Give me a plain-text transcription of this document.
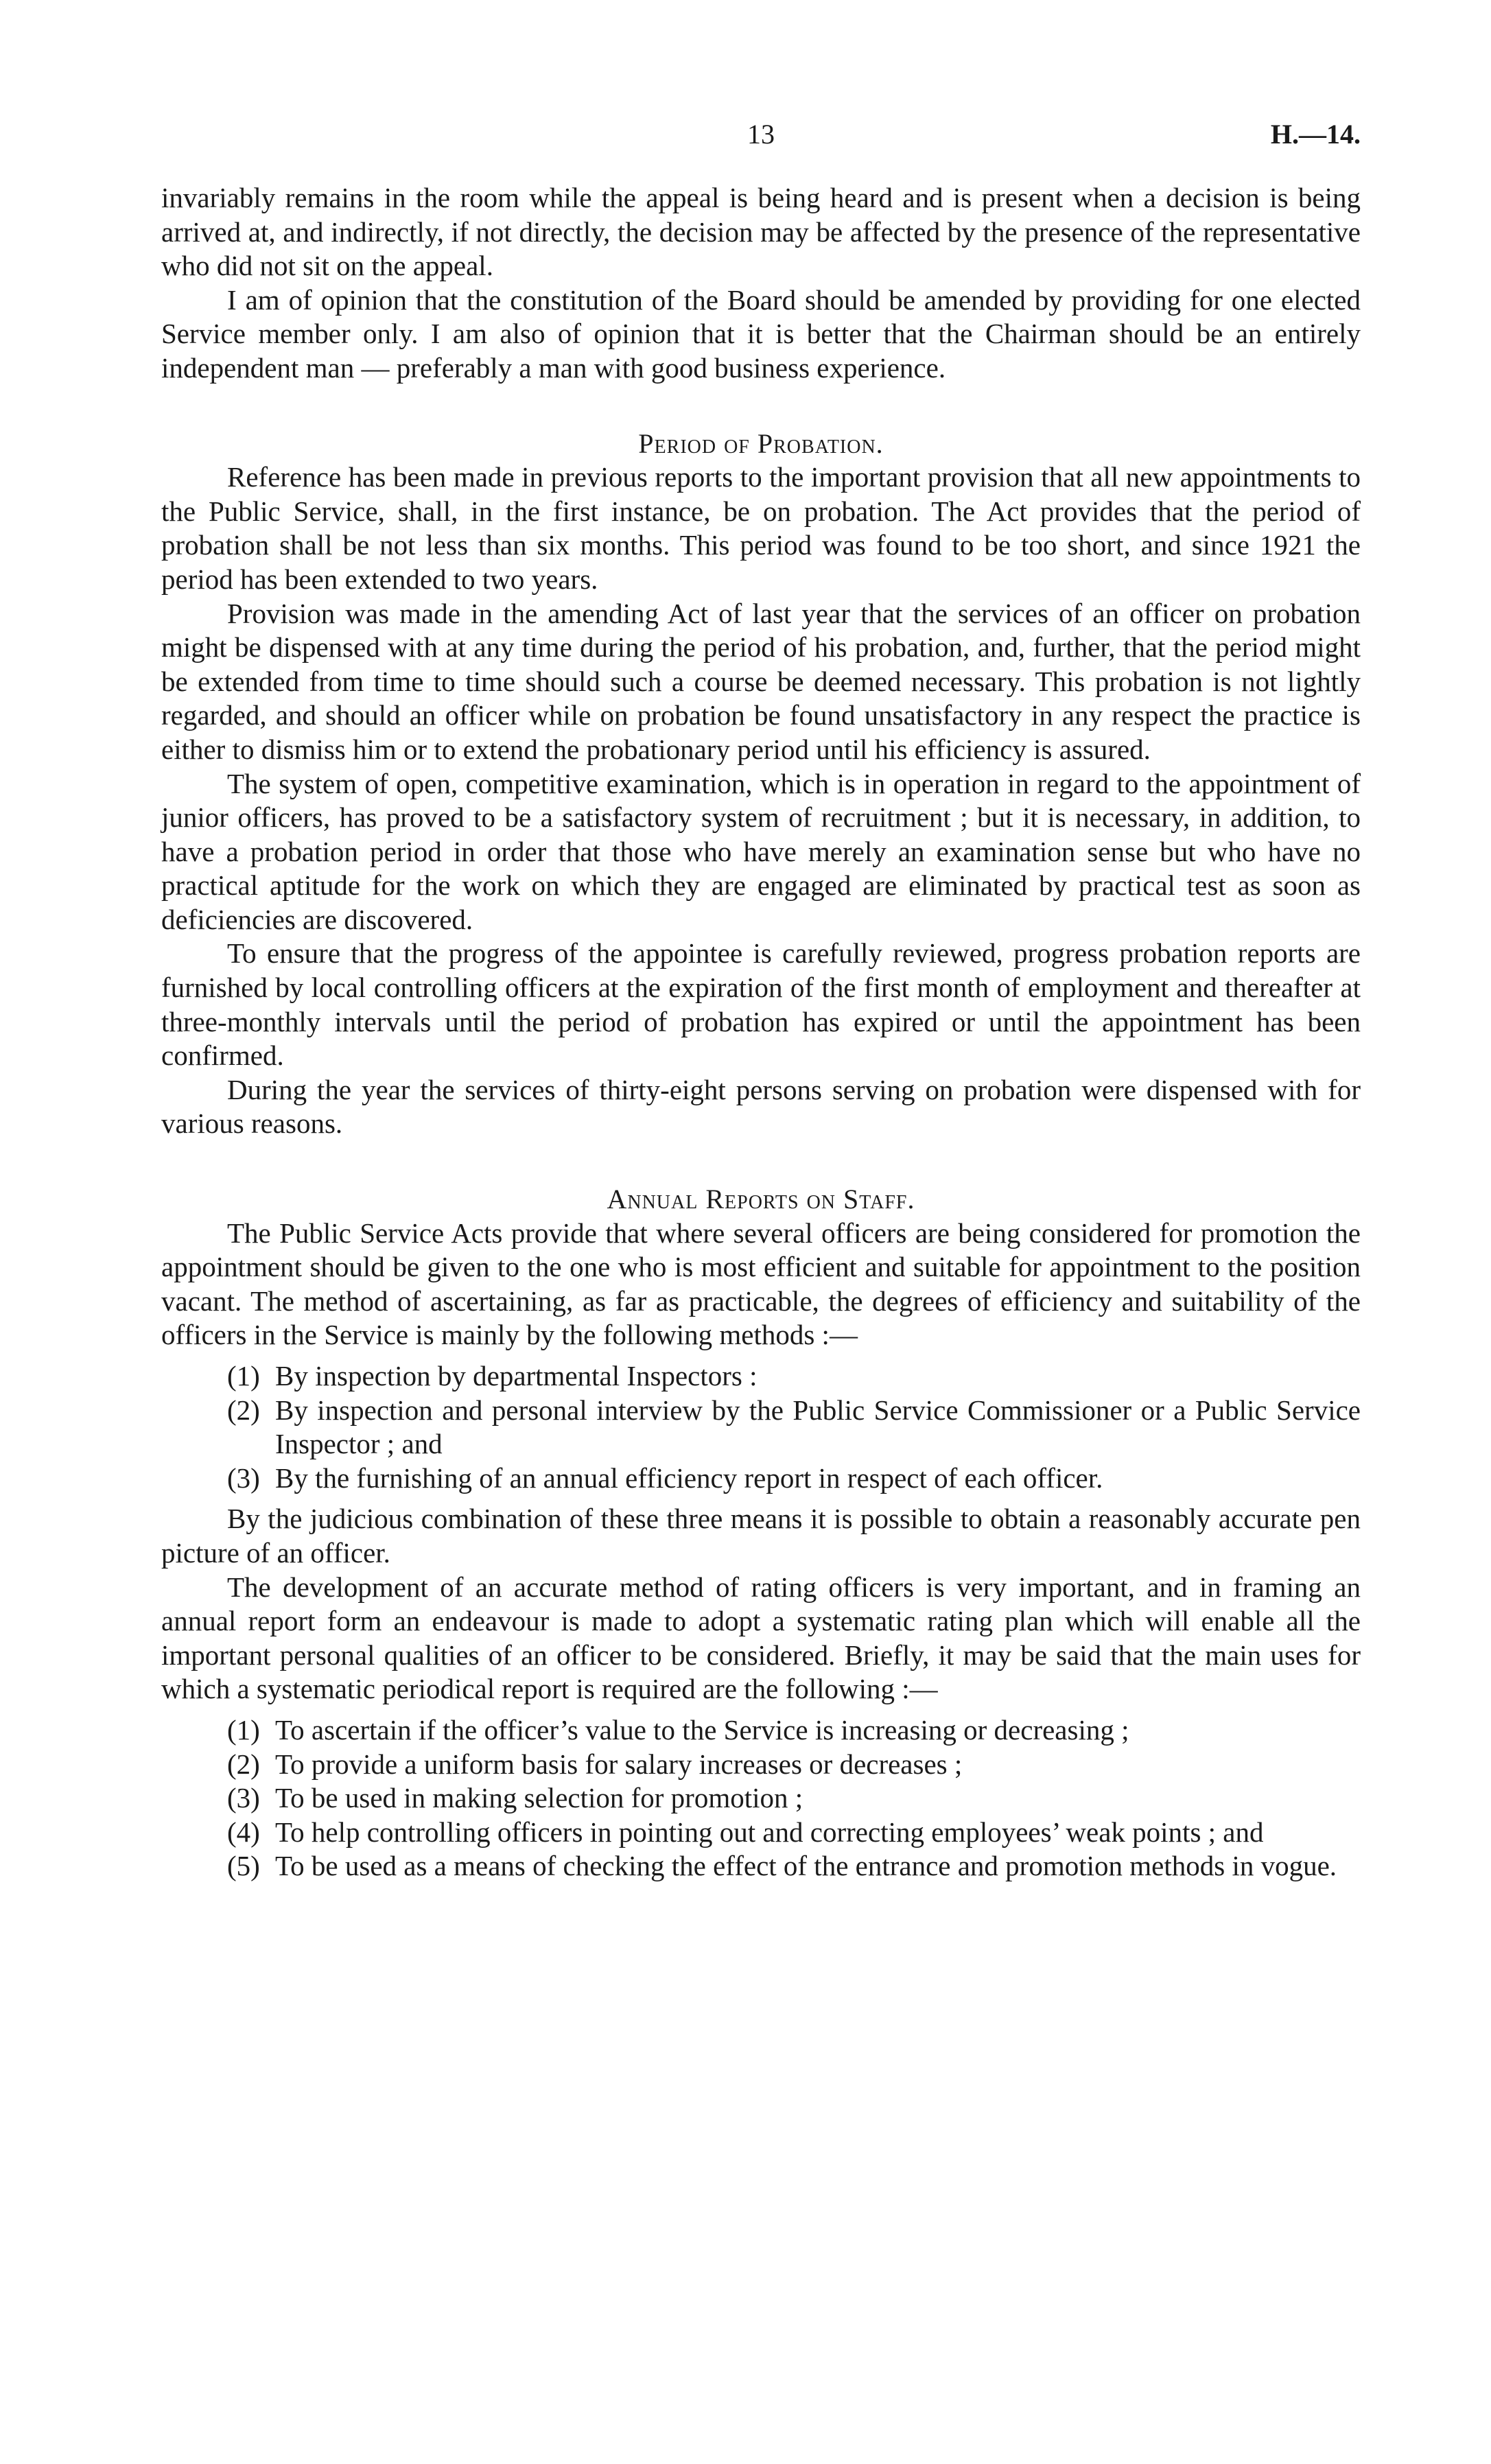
13	H.—14.

invariably remains in the room while the appeal is being heard and is present when a decision is being arrived at, and indirectly, if not directly, the decision may be affected by the presence of the representative who did not sit on the appeal.

I am of opinion that the constitution of the Board should be amended by providing for one elected Service member only. I am also of opinion that it is better that the Chairman should be an entirely independent man — preferably a man with good business experience.

Period of Probation.

Reference has been made in previous reports to the important provision that all new appointments to the Public Service, shall, in the first instance, be on probation. The Act provides that the period of probation shall be not less than six months. This period was found to be too short, and since 1921 the period has been extended to two years.

Provision was made in the amending Act of last year that the services of an officer on probation might be dispensed with at any time during the period of his probation, and, further, that the period might be extended from time to time should such a course be deemed necessary. This probation is not lightly regarded, and should an officer while on probation be found unsatisfactory in any respect the practice is either to dismiss him or to extend the probationary period until his efficiency is assured.

The system of open, competitive examination, which is in operation in regard to the appointment of junior officers, has proved to be a satisfactory system of recruitment ; but it is necessary, in addition, to have a probation period in order that those who have merely an examination sense but who have no practical aptitude for the work on which they are engaged are eliminated by practical test as soon as deficiencies are discovered.

To ensure that the progress of the appointee is carefully reviewed, progress probation reports are furnished by local controlling officers at the expiration of the first month of employment and thereafter at three-monthly intervals until the period of probation has expired or until the appointment has been confirmed.

During the year the services of thirty-eight persons serving on probation were dispensed with for various reasons.

Annual Reports on Staff.

The Public Service Acts provide that where several officers are being considered for promotion the appointment should be given to the one who is most efficient and suitable for appointment to the position vacant. The method of ascertaining, as far as practicable, the degrees of efficiency and suitability of the officers in the Service is mainly by the following methods :—

(1) By inspection by departmental Inspectors :
(2) By inspection and personal interview by the Public Service Commissioner or a Public Service Inspector ; and
(3) By the furnishing of an annual efficiency report in respect of each officer.

By the judicious combination of these three means it is possible to obtain a reasonably accurate pen picture of an officer.

The development of an accurate method of rating officers is very important, and in framing an annual report form an endeavour is made to adopt a systematic rating plan which will enable all the important personal qualities of an officer to be considered. Briefly, it may be said that the main uses for which a systematic periodical report is required are the following :—

(1) To ascertain if the officer’s value to the Service is increasing or decreasing ;
(2) To provide a uniform basis for salary increases or decreases ;
(3) To be used in making selection for promotion ;
(4) To help controlling officers in pointing out and correcting employees’ weak points ; and
(5) To be used as a means of checking the effect of the entrance and promotion methods in vogue.
